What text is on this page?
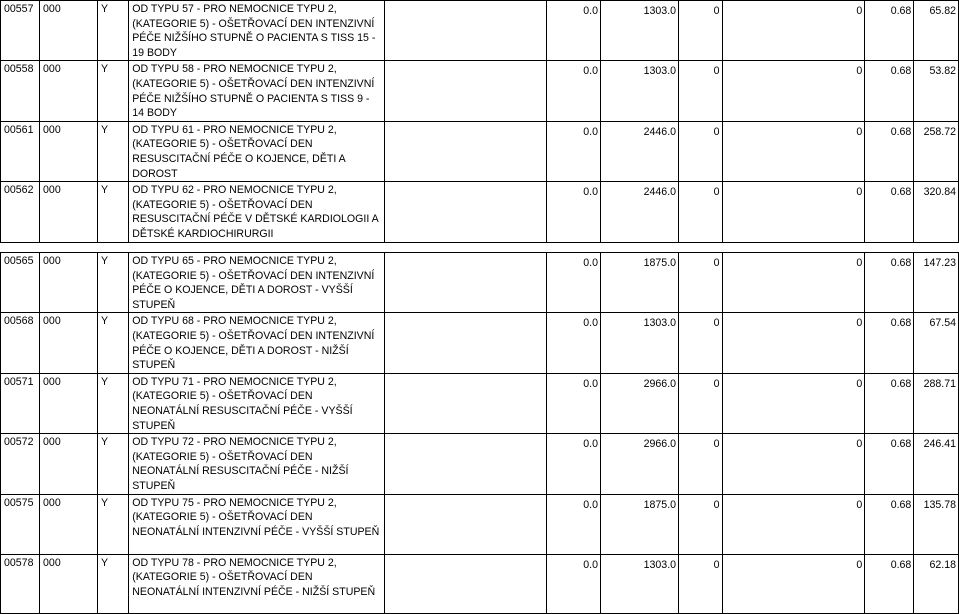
00557	000	Y	OD TYPU 57 - PRO NEMOCNICE TYPU 2, (KATEGORIE 5) - OŠETŘOVACÍ DEN INTENZIVNÍ PÉČE NIŽŠÍHO STUPNĚ O PACIENTA S TISS 15 - 19 BODY		0.0	1303.0	0	0	0.68	65.82

00558	000	Y	OD TYPU 58 - PRO NEMOCNICE TYPU 2, (KATEGORIE 5) - OŠETŘOVACÍ DEN INTENZIVNÍ PÉČE NIŽŠÍHO STUPNĚ O PACIENTA S TISS 9 - 14 BODY		0.0	1303.0	0	0	0.68	53.82

00561	000	Y	OD TYPU 61 - PRO NEMOCNICE TYPU 2, (KATEGORIE 5) - OŠETŘOVACÍ DEN RESUSCITAČNÍ PÉČE O KOJENCE, DĚTI A DOROST		0.0	2446.0	0	0	0.68	258.72

00562	000	Y	OD TYPU 62 - PRO NEMOCNICE TYPU 2, (KATEGORIE 5) - OŠETŘOVACÍ DEN RESUSCITAČNÍ PÉČE V DĚTSKÉ KARDIOLOGII A DĚTSKÉ KARDIOCHIRURGII		0.0	2446.0	0	0	0.68	320.84
00565	000	Y	OD TYPU 65 - PRO NEMOCNICE TYPU 2, (KATEGORIE 5) - OŠETŘOVACÍ DEN INTENZIVNÍ PÉČE O KOJENCE, DĚTI A DOROST - VYŠŠÍ STUPEŇ		0.0	1875.0	0	0	0.68	147.23

00568	000	Y	OD TYPU 68 - PRO NEMOCNICE TYPU 2, (KATEGORIE 5) - OŠETŘOVACÍ DEN INTENZIVNÍ PÉČE O KOJENCE, DĚTI A DOROST - NIŽŠÍ STUPEŇ		0.0	1303.0	0	0	0.68	67.54

00571	000	Y	OD TYPU 71 - PRO NEMOCNICE TYPU 2, (KATEGORIE 5) - OŠETŘOVACÍ DEN NEONATÁLNÍ RESUSCITAČNÍ PÉČE - VYŠŠÍ STUPEŇ		0.0	2966.0	0	0	0.68	288.71

00572	000	Y	OD TYPU 72 - PRO NEMOCNICE TYPU 2, (KATEGORIE 5) - OŠETŘOVACÍ DEN NEONATÁLNÍ RESUSCITAČNÍ PÉČE - NIŽŠÍ STUPEŇ		0.0	2966.0	0	0	0.68	246.41

00575	000	Y	OD TYPU 75 - PRO NEMOCNICE TYPU 2, (KATEGORIE 5) - OŠETŘOVACÍ DEN NEONATÁLNÍ INTENZIVNÍ PÉČE - VYŠŠÍ STUPEŇ		0.0	1875.0	0	0	0.68	135.78

00578	000	Y	OD TYPU 78 - PRO NEMOCNICE TYPU 2, (KATEGORIE 5) - OŠETŘOVACÍ DEN NEONATÁLNÍ INTENZIVNÍ PÉČE - NIŽŠÍ STUPEŇ		0.0	1303.0	0	0	0.68	62.18
